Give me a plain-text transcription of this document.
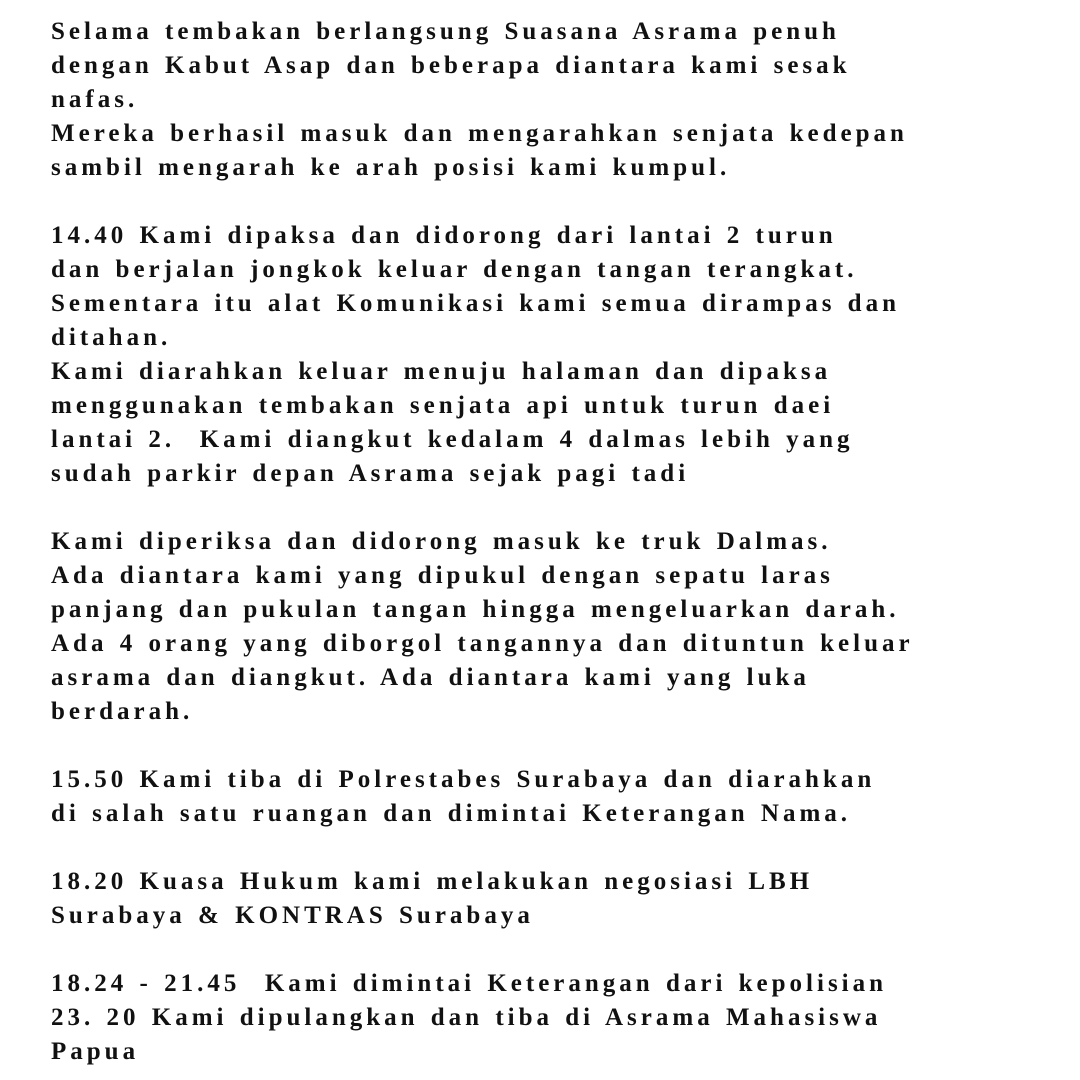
Selama tembakan berlangsung Suasana Asrama penuh
dengan Kabut Asap dan beberapa diantara kami sesak
nafas.
Mereka berhasil masuk dan mengarahkan senjata kedepan
sambil mengarah ke arah posisi kami kumpul.
14.40 Kami dipaksa dan didorong dari lantai 2 turun
dan berjalan jongkok keluar dengan tangan terangkat.
Sementara itu alat Komunikasi kami semua dirampas dan
ditahan.
Kami diarahkan keluar menuju halaman dan dipaksa
menggunakan tembakan senjata api untuk turun daei
lantai 2.  Kami diangkut kedalam 4 dalmas lebih yang
sudah parkir depan Asrama sejak pagi tadi
Kami diperiksa dan didorong masuk ke truk Dalmas.
Ada diantara kami yang dipukul dengan sepatu laras
panjang dan pukulan tangan hingga mengeluarkan darah.
Ada 4 orang yang diborgol tangannya dan dituntun keluar
asrama dan diangkut. Ada diantara kami yang luka
berdarah.
15.50 Kami tiba di Polrestabes Surabaya dan diarahkan
di salah satu ruangan dan dimintai Keterangan Nama.
18.20 Kuasa Hukum kami melakukan negosiasi LBH
Surabaya & KONTRAS Surabaya
18.24 - 21.45  Kami dimintai Keterangan dari kepolisian
23. 20 Kami dipulangkan dan tiba di Asrama Mahasiswa
Papua
